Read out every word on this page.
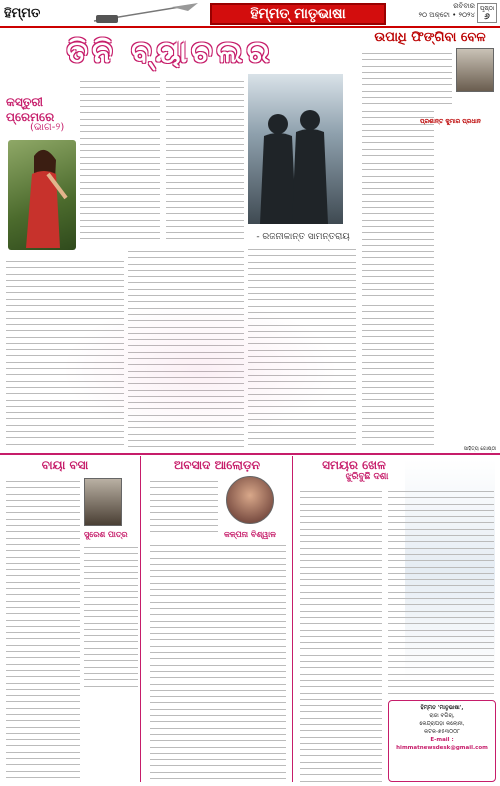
ହିମ୍ମତ	ହିମ୍ମତ୍ ମାତୃଭାଷା	ରବିବାର
୨୦ ଅକ୍ଟୋ • ୨୦୨୪
ପୃଷ୍ଠା
୬
ତିନି ବ୍ୟାଚଲର
କସ୍ତୁରୀ ପ୍ରେମରେ
(ଭାଗ-୨)
- ରଜନୀକାନ୍ତ ସାମନ୍ତରାୟ
ଉପାଧି ଫିଙ୍ଗିବା ବେଳ
ପ୍ରଶାନ୍ତ କୁମାର ପ୍ରଧାନ
ସାହିତ୍ୟ ଗୋଷ୍ଠୀ
ବାୟା ବସା
ସୁରେଶ ପାତ୍ର
ଅବସାଦ ଆଲୋଡ଼ନ
କଳ୍ପନା ବିଶ୍ୱାଳ
ସମୟର ଖେଳ
ଝୁରିବୁଛି ଦଶା
ହିମ୍ମତ 'ମାତୃଭାଷା',
ରାଜା ବଗିଚା,
କେନ୍ଦ୍ରାପଡ଼ା କଲୋନୀ,
କଟକ-୭୫୩୦୦୮
E-mail : himmatnewsdesk@gmail.com
